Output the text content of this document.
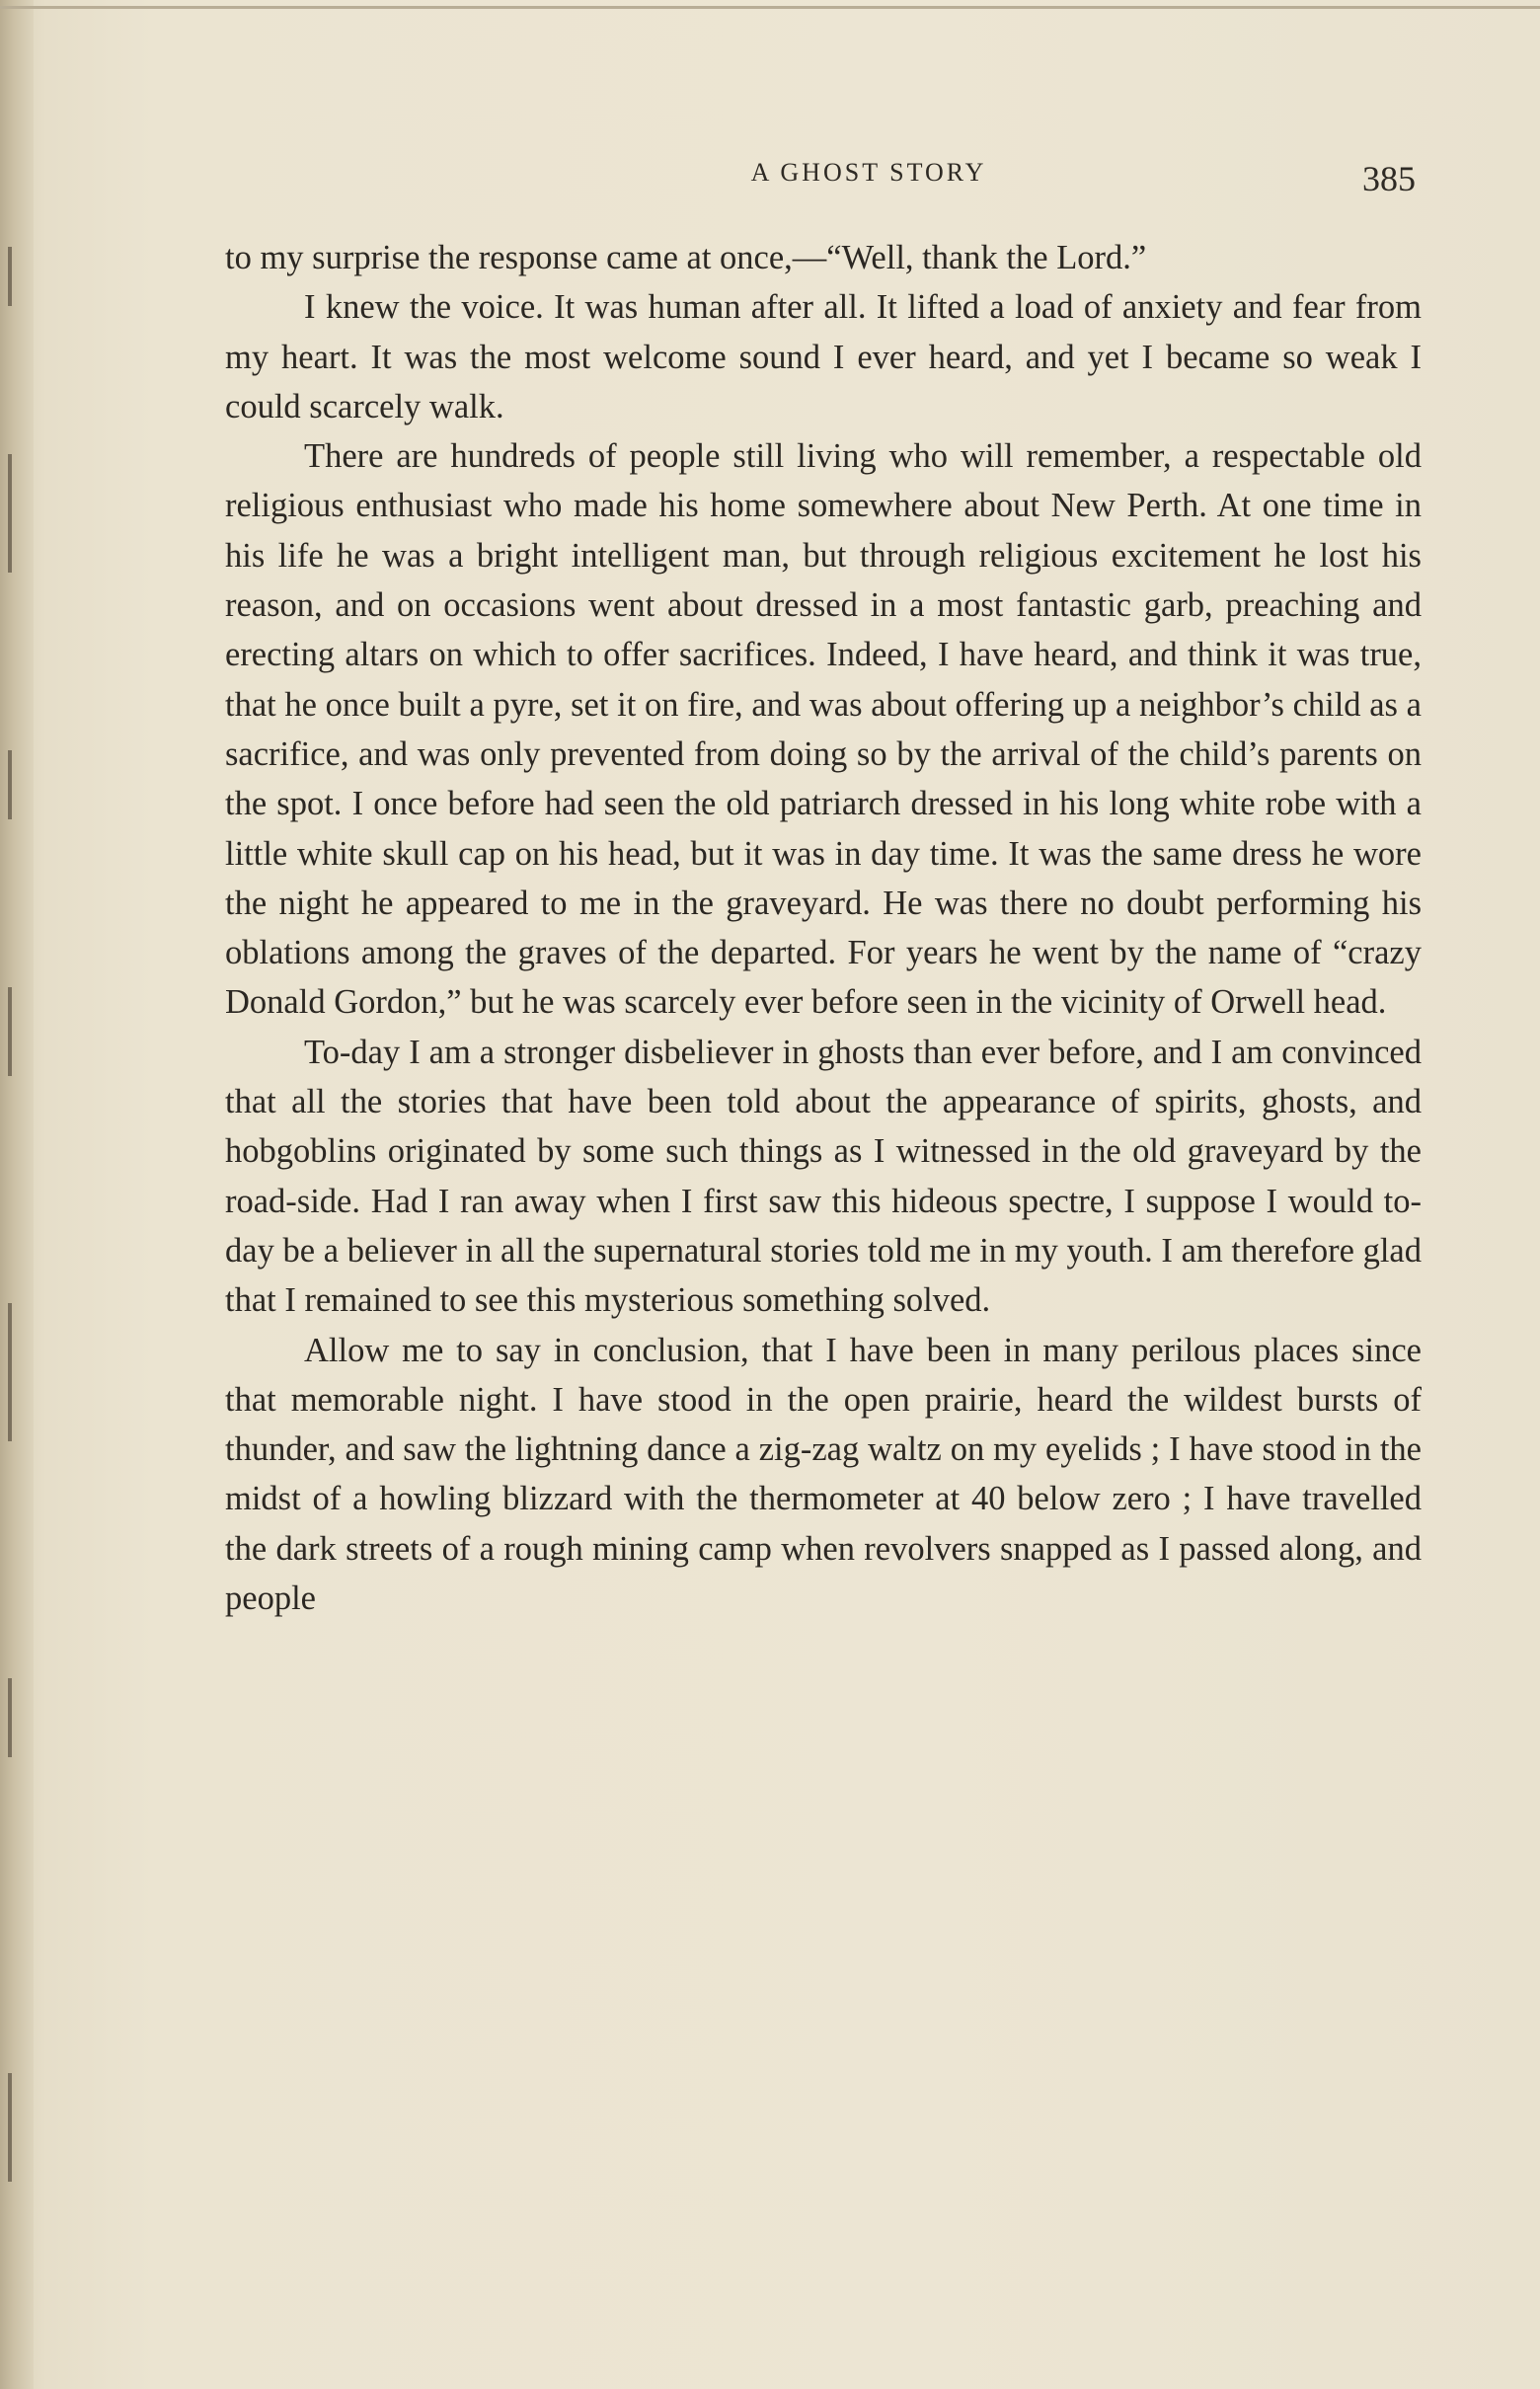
A GHOST STORY	385

to my surprise the response came at once,—“Well, thank the Lord.”

I knew the voice. It was human after all. It lifted a load of anxiety and fear from my heart. It was the most welcome sound I ever heard, and yet I became so weak I could scarcely walk.

There are hundreds of people still living who will remember, a respectable old religious enthusiast who made his home somewhere about New Perth. At one time in his life he was a bright intelligent man, but through religious excitement he lost his reason, and on occasions went about dressed in a most fantastic garb, preaching and erecting altars on which to offer sacrifices. Indeed, I have heard, and think it was true, that he once built a pyre, set it on fire, and was about offering up a neighbor’s child as a sacrifice, and was only prevented from doing so by the arrival of the child’s parents on the spot. I once before had seen the old patriarch dressed in his long white robe with a little white skull cap on his head, but it was in day time. It was the same dress he wore the night he appeared to me in the graveyard. He was there no doubt performing his oblations among the graves of the departed. For years he went by the name of “crazy Donald Gordon,” but he was scarcely ever before seen in the vicinity of Orwell head.

To-day I am a stronger disbeliever in ghosts than ever before, and I am convinced that all the stories that have been told about the appearance of spirits, ghosts, and hobgoblins originated by some such things as I witnessed in the old graveyard by the road-side. Had I ran away when I first saw this hideous spectre, I suppose I would to-day be a believer in all the supernatural stories told me in my youth. I am therefore glad that I remained to see this mysterious something solved.

Allow me to say in conclusion, that I have been in many perilous places since that memorable night. I have stood in the open prairie, heard the wildest bursts of thunder, and saw the lightning dance a zig-zag waltz on my eyelids ; I have stood in the midst of a howling blizzard with the thermometer at 40 below zero ; I have travelled the dark streets of a rough mining camp when revolvers snapped as I passed along, and people
